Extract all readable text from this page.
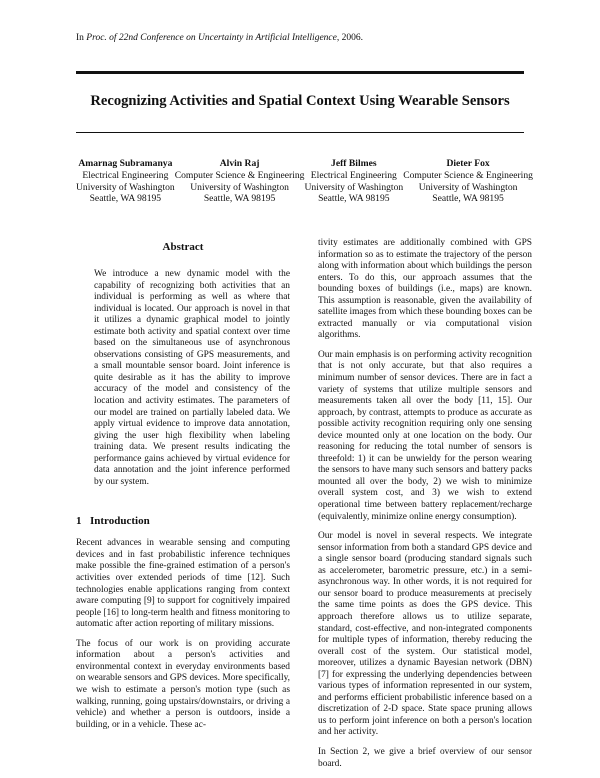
In Proc. of 22nd Conference on Uncertainty in Artificial Intelligence, 2006.
Recognizing Activities and Spatial Context Using Wearable Sensors
Amarnag Subramanya
Electrical Engineering
University of Washington
Seattle, WA 98195
Alvin Raj
Computer Science & Engineering
University of Washington
Seattle, WA 98195
Jeff Bilmes
Electrical Engineering
University of Washington
Seattle, WA 98195
Dieter Fox
Computer Science & Engineering
University of Washington
Seattle, WA 98195
Abstract

We introduce a new dynamic model with the capability of recognizing both activities that an individual is performing as well as where that individual is located. Our approach is novel in that it utilizes a dynamic graphical model to jointly estimate both activity and spatial context over time based on the simultaneous use of asynchronous observations consisting of GPS measurements, and a small mountable sensor board. Joint inference is quite desirable as it has the ability to improve accuracy of the model and consistency of the location and activity estimates. The parameters of our model are trained on partially labeled data. We apply virtual evidence to improve data annotation, giving the user high flexibility when labeling training data. We present results indicating the performance gains achieved by virtual evidence for data annotation and the joint inference performed by our system.

1 Introduction

Recent advances in wearable sensing and computing devices and in fast probabilistic inference techniques make possible the fine-grained estimation of a person's activities over extended periods of time [12]. Such technologies enable applications ranging from context aware computing [9] to support for cognitively impaired people [16] to long-term health and fitness monitoring to automatic after action reporting of military missions.

The focus of our work is on providing accurate information about a person's activities and environmental context in everyday environments based on wearable sensors and GPS devices. More specifically, we wish to estimate a person's motion type (such as walking, running, going upstairs/downstairs, or driving a vehicle) and whether a person is outdoors, inside a building, or in a vehicle. These ac-

tivity estimates are additionally combined with GPS information so as to estimate the trajectory of the person along with information about which buildings the person enters. To do this, our approach assumes that the bounding boxes of buildings (i.e., maps) are known. This assumption is reasonable, given the availability of satellite images from which these bounding boxes can be extracted manually or via computational vision algorithms.

Our main emphasis is on performing activity recognition that is not only accurate, but that also requires a minimum number of sensor devices. There are in fact a variety of systems that utilize multiple sensors and measurements taken all over the body [11, 15]. Our approach, by contrast, attempts to produce as accurate as possible activity recognition requiring only one sensing device mounted only at one location on the body. Our reasoning for reducing the total number of sensors is threefold: 1) it can be unwieldy for the person wearing the sensors to have many such sensors and battery packs mounted all over the body, 2) we wish to minimize overall system cost, and 3) we wish to extend operational time between battery replacement/recharge (equivalently, minimize online energy consumption).

Our model is novel in several respects. We integrate sensor information from both a standard GPS device and a single sensor board (producing standard signals such as accelerometer, barometric pressure, etc.) in a semi-asynchronous way. In other words, it is not required for our sensor board to produce measurements at precisely the same time points as does the GPS device. This approach therefore allows us to utilize separate, standard, cost-effective, and non-integrated components for multiple types of information, thereby reducing the overall cost of the system. Our statistical model, moreover, utilizes a dynamic Bayesian network (DBN) [7] for expressing the underlying dependencies between various types of information represented in our system, and performs efficient probabilistic inference based on a discretization of 2-D space. State space pruning allows us to perform joint inference on both a person's location and her activity.

In Section 2, we give a brief overview of our sensor board.
